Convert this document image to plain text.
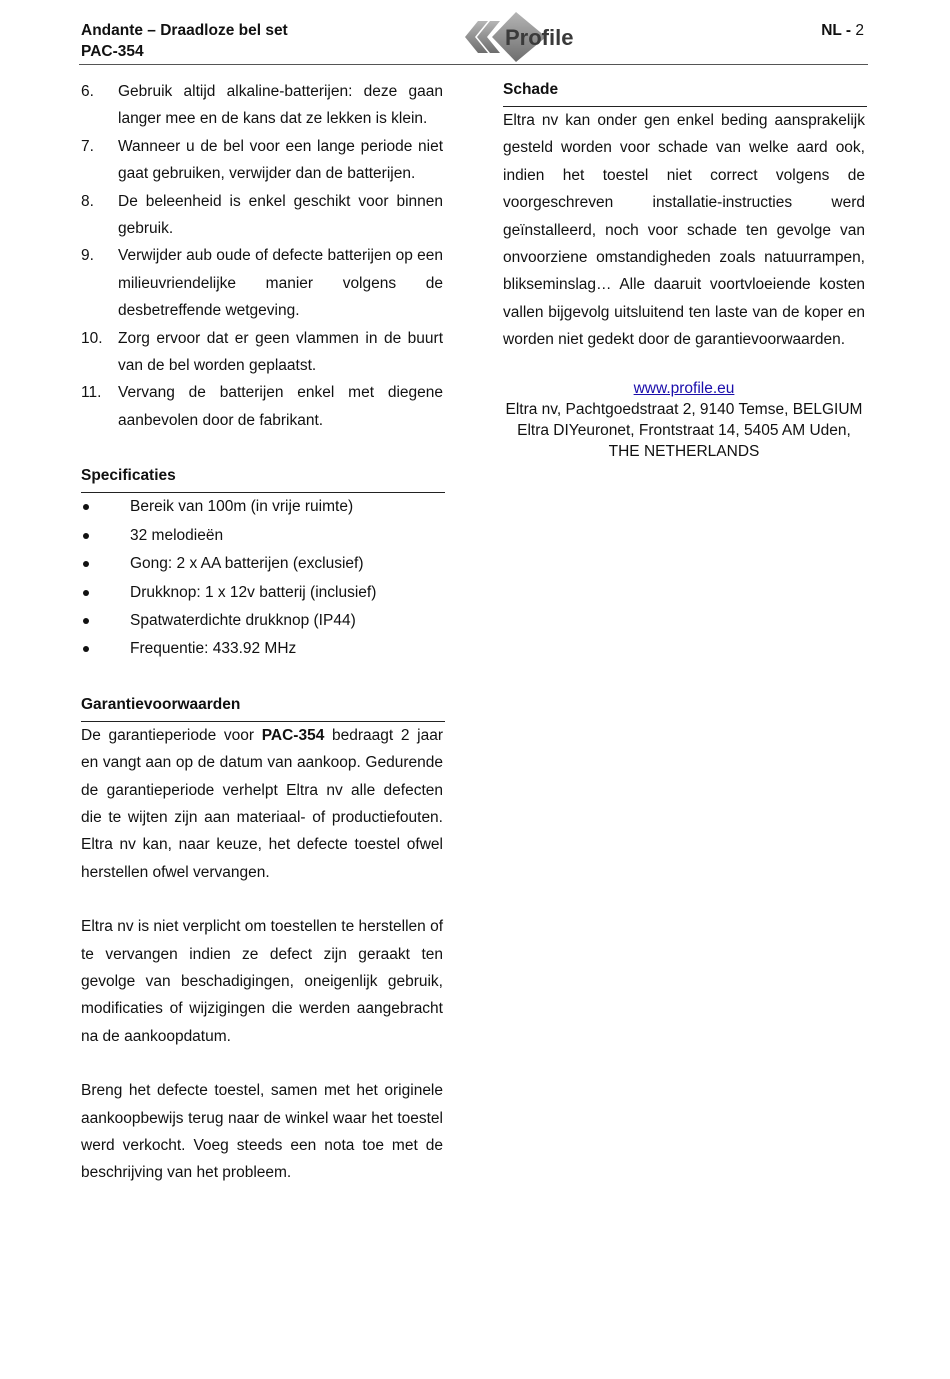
Andante – Draadloze bel set
PAC-354
Profile	NL - 2
6.	Gebruik altijd alkaline-batterijen: deze gaan langer mee en de kans dat ze lekken is klein.
7.	Wanneer u de bel voor een lange periode niet gaat gebruiken, verwijder dan de batterijen.
8.	De beleenheid is enkel geschikt voor binnen gebruik.
9.	Verwijder aub oude of defecte batterijen op een milieuvriendelijke manier volgens de desbetreffende wetgeving.
10. Zorg ervoor dat er geen vlammen in de buurt van de bel worden geplaatst.
11. Vervang de batterijen enkel met diegene aanbevolen door de fabrikant.
Specificaties
Bereik van 100m (in vrije ruimte)
32 melodieën
Gong: 2 x AA batterijen (exclusief)
Drukknop: 1 x 12v batterij (inclusief)
Spatwaterdichte drukknop (IP44)
Frequentie: 433.92 MHz
Garantievoorwaarden

De garantieperiode voor PAC-354 bedraagt 2 jaar en vangt aan op de datum van aankoop. Gedurende de garantieperiode verhelpt Eltra nv alle defecten die te wijten zijn aan materiaal- of productiefouten. Eltra nv kan, naar keuze, het defecte toestel ofwel herstellen ofwel vervangen.

Eltra nv is niet verplicht om toestellen te herstellen of te vervangen indien ze defect zijn geraakt ten gevolge van beschadigingen, oneigenlijk gebruik, modificaties of wijzigingen die werden aangebracht na de aankoopdatum.

Breng het defecte toestel, samen met het originele aankoopbewijs terug naar de winkel waar het toestel werd verkocht. Voeg steeds een nota toe met de beschrijving van het probleem.

Schade

Eltra nv kan onder gen enkel beding aansprakelijk gesteld worden voor schade van welke aard ook, indien het toestel niet correct volgens de voorgeschreven installatie-instructies werd geïnstalleerd, noch voor schade ten gevolge van onvoorziene omstandigheden zoals natuurrampen, blikseminslag… Alle daaruit voortvloeiende kosten vallen bijgevolg uitsluitend ten laste van de koper en worden niet gedekt door de garantievoorwaarden.

www.profile.eu
Eltra nv, Pachtgoedstraat 2, 9140 Temse, BELGIUM
Eltra DIYeuronet, Frontstraat 14, 5405 AM Uden,
THE NETHERLANDS
